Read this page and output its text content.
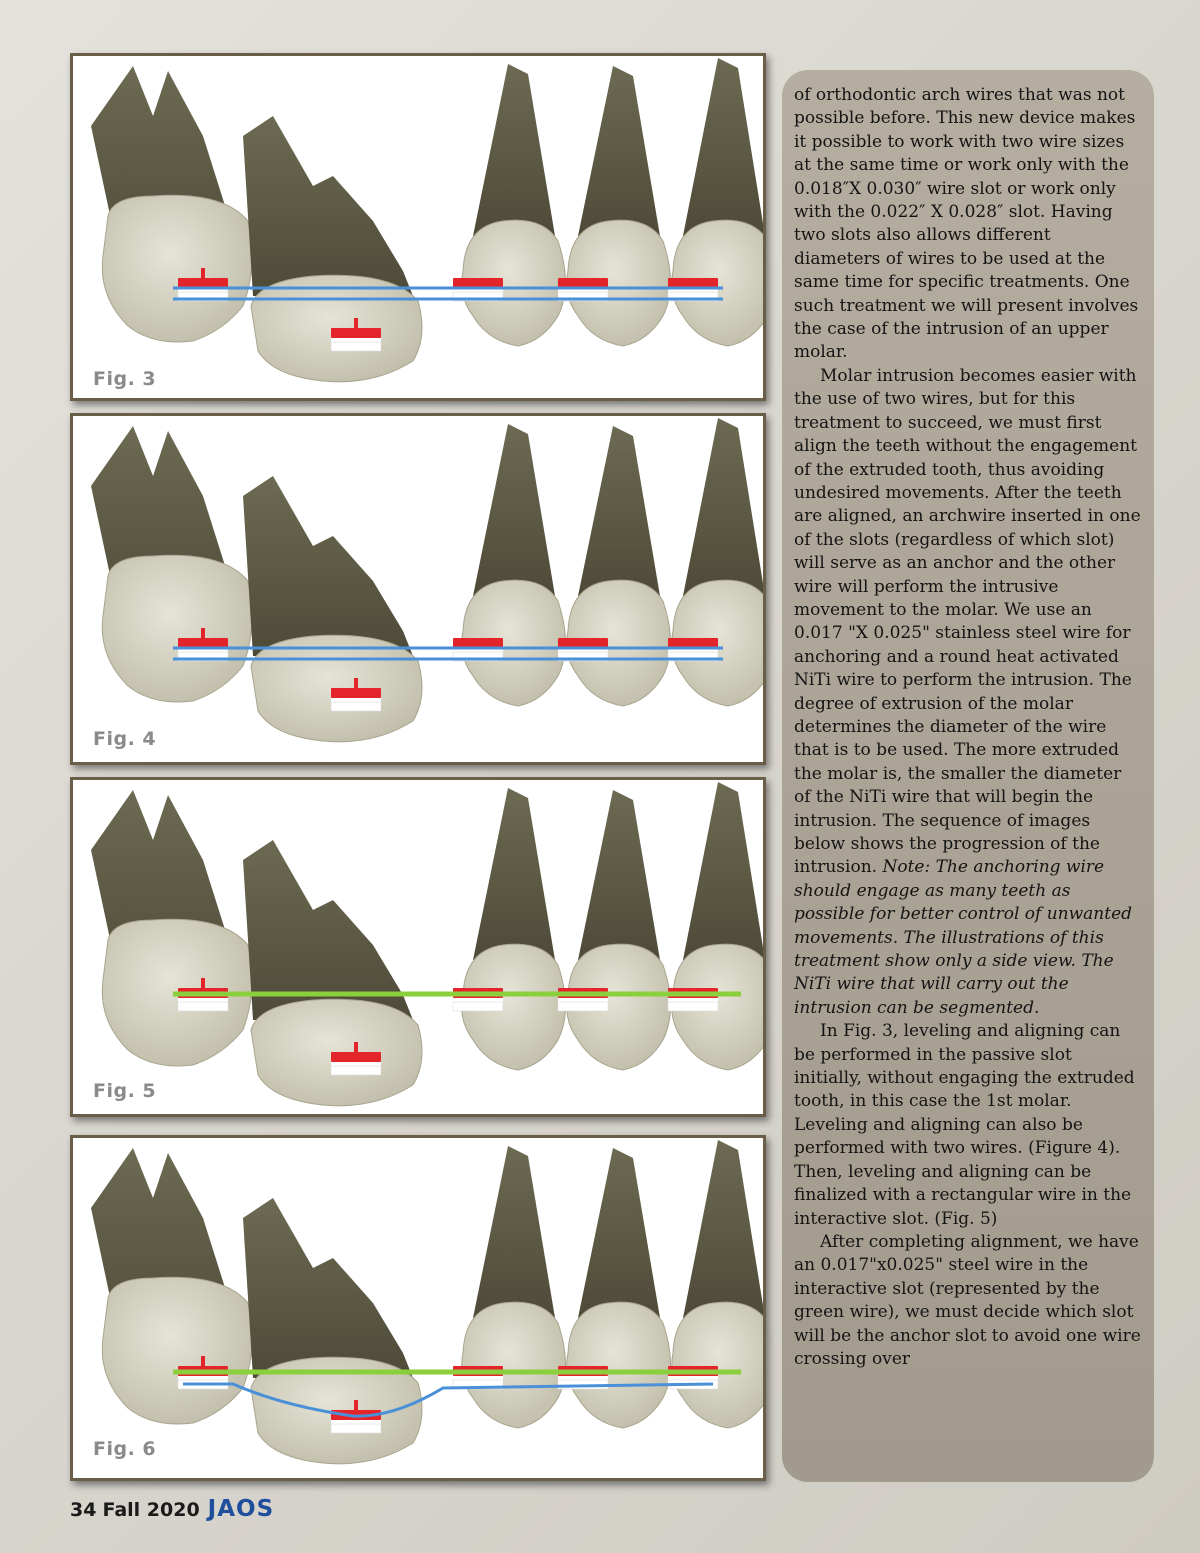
Fig. 3
Fig. 4
Fig. 5
Fig. 6

of orthodontic arch wires that was not possible before. This new device makes it possible to work with two wire sizes at the same time or work only with the 0.018″X 0.030″ wire slot or work only with the 0.022″ X 0.028″ slot. Having two slots also allows different diameters of wires to be used at the same time for specific treatments. One such treatment we will present involves the case of the intrusion of an upper molar.

Molar intrusion becomes easier with the use of two wires, but for this treatment to succeed, we must first align the teeth without the engagement of the extruded tooth, thus avoiding undesired movements. After the teeth are aligned, an archwire inserted in one of the slots (regardless of which slot) will serve as an anchor and the other wire will perform the intrusive movement to the molar. We use an 0.017 "X 0.025" stainless steel wire for anchoring and a round heat activated NiTi wire to perform the intrusion. The degree of extrusion of the molar determines the diameter of the wire that is to be used. The more extruded the molar is, the smaller the diameter of the NiTi wire that will begin the intrusion. The sequence of images below shows the progression of the intrusion. Note: The anchoring wire should engage as many teeth as possible for better control of unwanted movements. The illustrations of this treatment show only a side view. The NiTi wire that will carry out the intrusion can be segmented.

In Fig. 3, leveling and aligning can be performed in the passive slot initially, without engaging the extruded tooth, in this case the 1st molar. Leveling and aligning can also be performed with two wires. (Figure 4). Then, leveling and aligning can be finalized with a rectangular wire in the interactive slot. (Fig. 5)

After completing alignment, we have an 0.017"x0.025" steel wire in the interactive slot (represented by the green wire), we must decide which slot will be the anchor slot to avoid one wire crossing over

34 Fall 2020 JAOS
